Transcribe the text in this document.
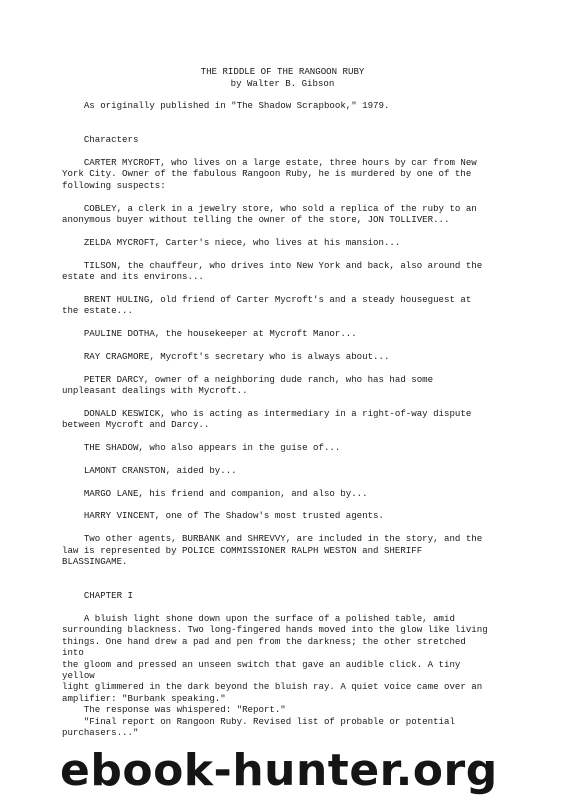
THE RIDDLE OF THE RANGOON RUBY
by Walter B. Gibson
As originally published in "The Shadow Scrapbook," 1979.
Characters
CARTER MYCROFT, who lives on a large estate, three hours by car from New
York City. Owner of the fabulous Rangoon Ruby, he is murdered by one of the
following suspects:
COBLEY, a clerk in a jewelry store, who sold a replica of the ruby to an
anonymous buyer without telling the owner of the store, JON TOLLIVER...
ZELDA MYCROFT, Carter's niece, who lives at his mansion...
TILSON, the chauffeur, who drives into New York and back, also around the
estate and its environs...
BRENT HULING, old friend of Carter Mycroft's and a steady houseguest at
the estate...
PAULINE DOTHA, the housekeeper at Mycroft Manor...
RAY CRAGMORE, Mycroft's secretary who is always about...
PETER DARCY, owner of a neighboring dude ranch, who has had some
unpleasant dealings with Mycroft..
DONALD KESWICK, who is acting as intermediary in a right-of-way dispute
between Mycroft and Darcy..
THE SHADOW, who also appears in the guise of...
LAMONT CRANSTON, aided by...
MARGO LANE, his friend and companion, and also by...
HARRY VINCENT, one of The Shadow's most trusted agents.
Two other agents, BURBANK and SHREVVY, are included in the story, and the
law is represented by POLICE COMMISSIONER RALPH WESTON and SHERIFF
BLASSINGAME.
CHAPTER I
A bluish light shone down upon the surface of a polished table, amid
surrounding blackness. Two long-fingered hands moved into the glow like living
things. One hand drew a pad and pen from the darkness; the other stretched
into
the gloom and pressed an unseen switch that gave an audible click. A tiny
yellow
light glimmered in the dark beyond the bluish ray. A quiet voice came over an
amplifier: "Burbank speaking."
The response was whispered: "Report."
"Final report on Rangoon Ruby. Revised list of probable or potential
purchasers..."
ebook-hunter.org
